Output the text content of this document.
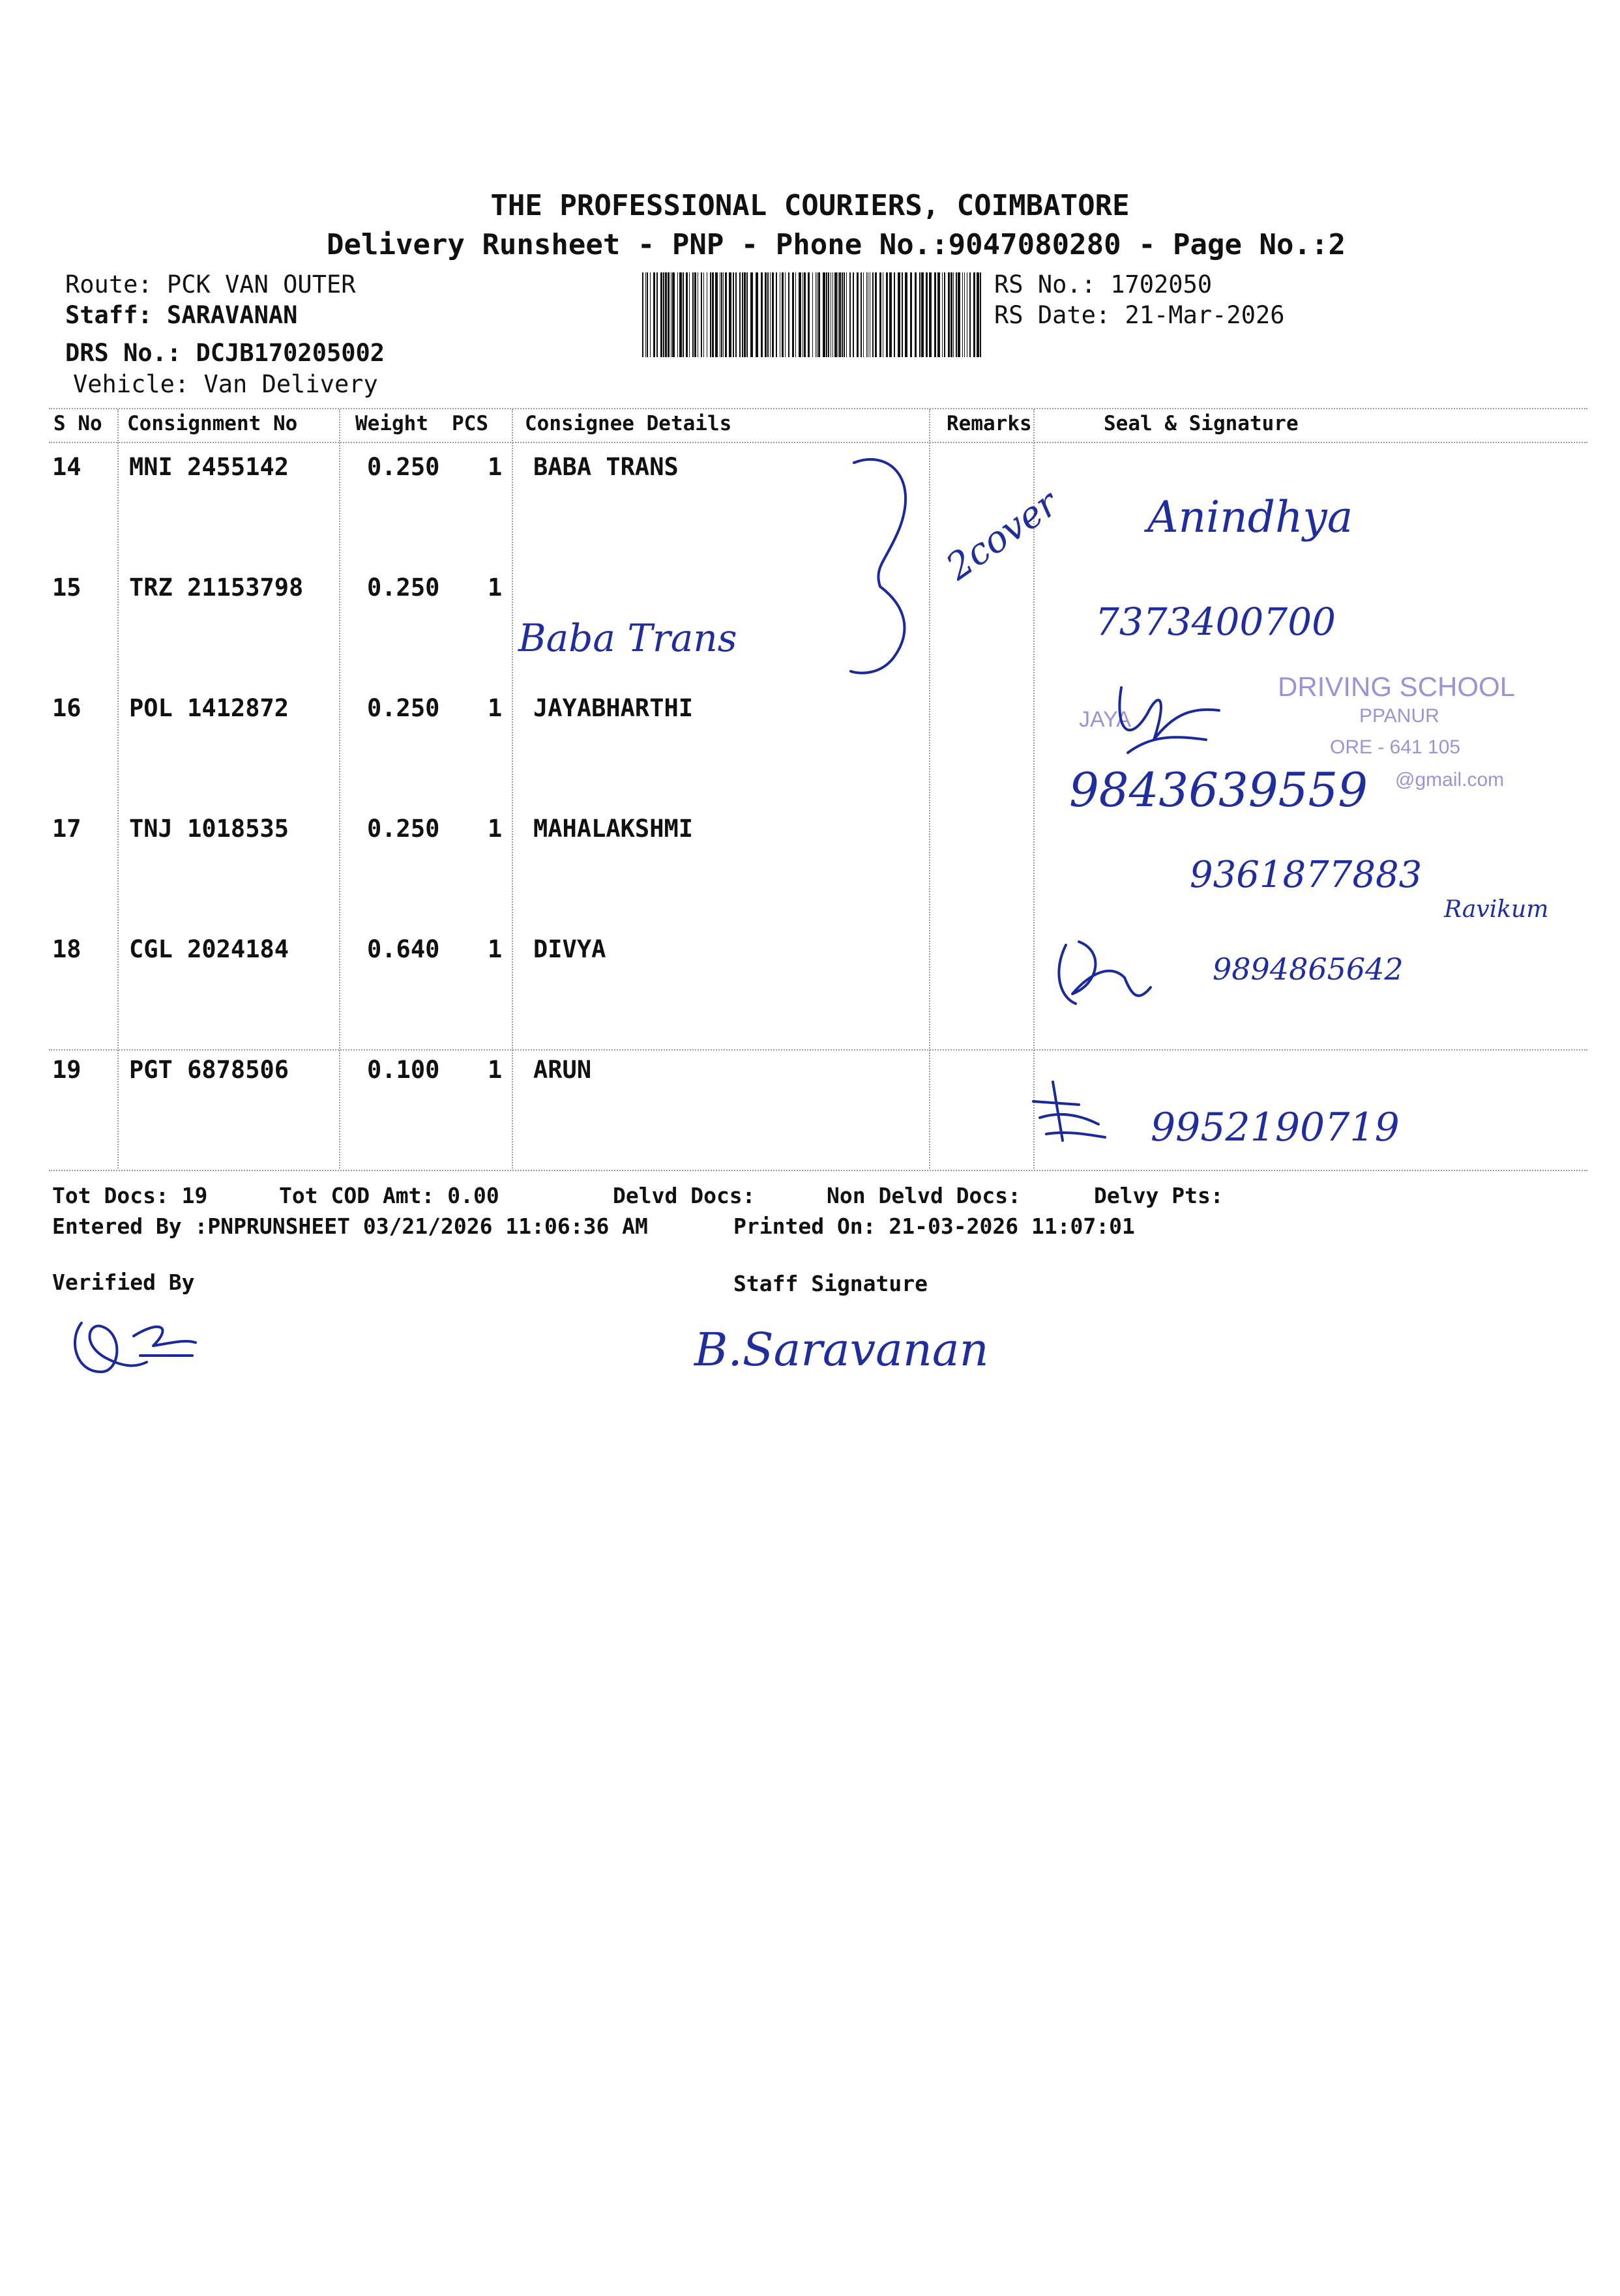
THE PROFESSIONAL COURIERS, COIMBATORE
Delivery Runsheet - PNP - Phone No.:9047080280 - Page No.:2
Route: PCK VAN OUTER
Staff: SARAVANAN
DRS No.: DCJB170205002
Vehicle: Van Delivery
RS No.: 1702050
RS Date: 21-Mar-2026
S No Consignment No	Weight PCS Consignee Details	Remarks	Seal & Signature
14 MNI 2455142	0.250 1 BABA TRANS
15 TRZ 21153798	0.250 1
16 POL 1412872	0.250 1 JAYABHARTHI
17 TNJ 1018535	0.250 1 MAHALAKSHMI
18 CGL 2024184	0.640 1 DIVYA
19 PGT 6878506	0.100 1 ARUN
Baba Trans
2cover Anindhya
7373400700
JAYA
DRIVING SCHOOL
PPANUR
ORE - 641 105
@gmail.com
9843639559
9361877883
Ravikum
9894865642
9952190719
Tot Docs: 19	Tot COD Amt: 0.00	Delvd Docs:	Non Delvd Docs:	Delvy Pts:
Entered By :PNPRUNSHEET 03/21/2026 11:06:36 AM	Printed On: 21-03-2026 11:07:01
Verified By	Staff Signature
B.Saravanan
